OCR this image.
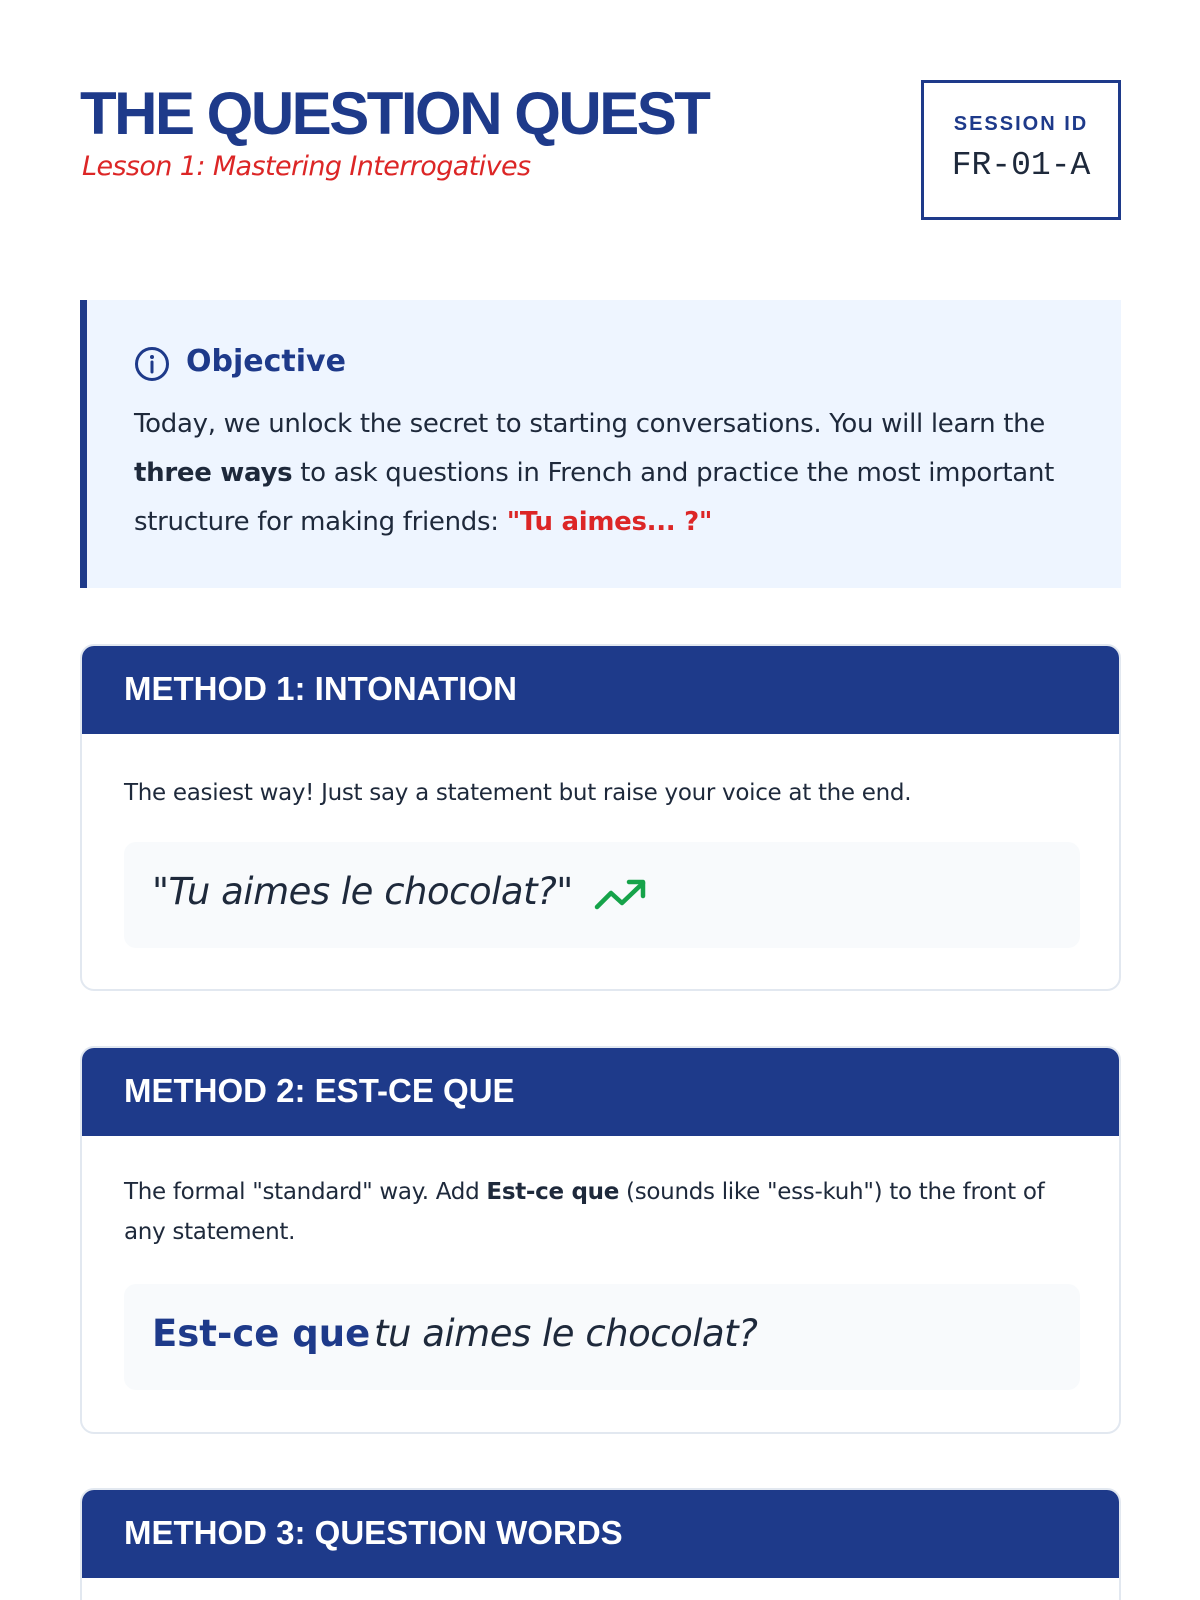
THE QUESTION QUEST
Lesson 1: Mastering Interrogatives
SESSION ID
FR-01-A
Objective
Today, we unlock the secret to starting conversations. You will learn the three ways to ask questions in French and practice the most important structure for making friends: "Tu aimes... ?"
METHOD 1: INTONATION
The easiest way! Just say a statement but raise your voice at the end.
"Tu aimes le chocolat?"
METHOD 2: EST-CE QUE
The formal "standard" way. Add Est-ce que (sounds like "ess-kuh") to the front of any statement.
Est-ce que tu aimes le chocolat?
METHOD 3: QUESTION WORDS
